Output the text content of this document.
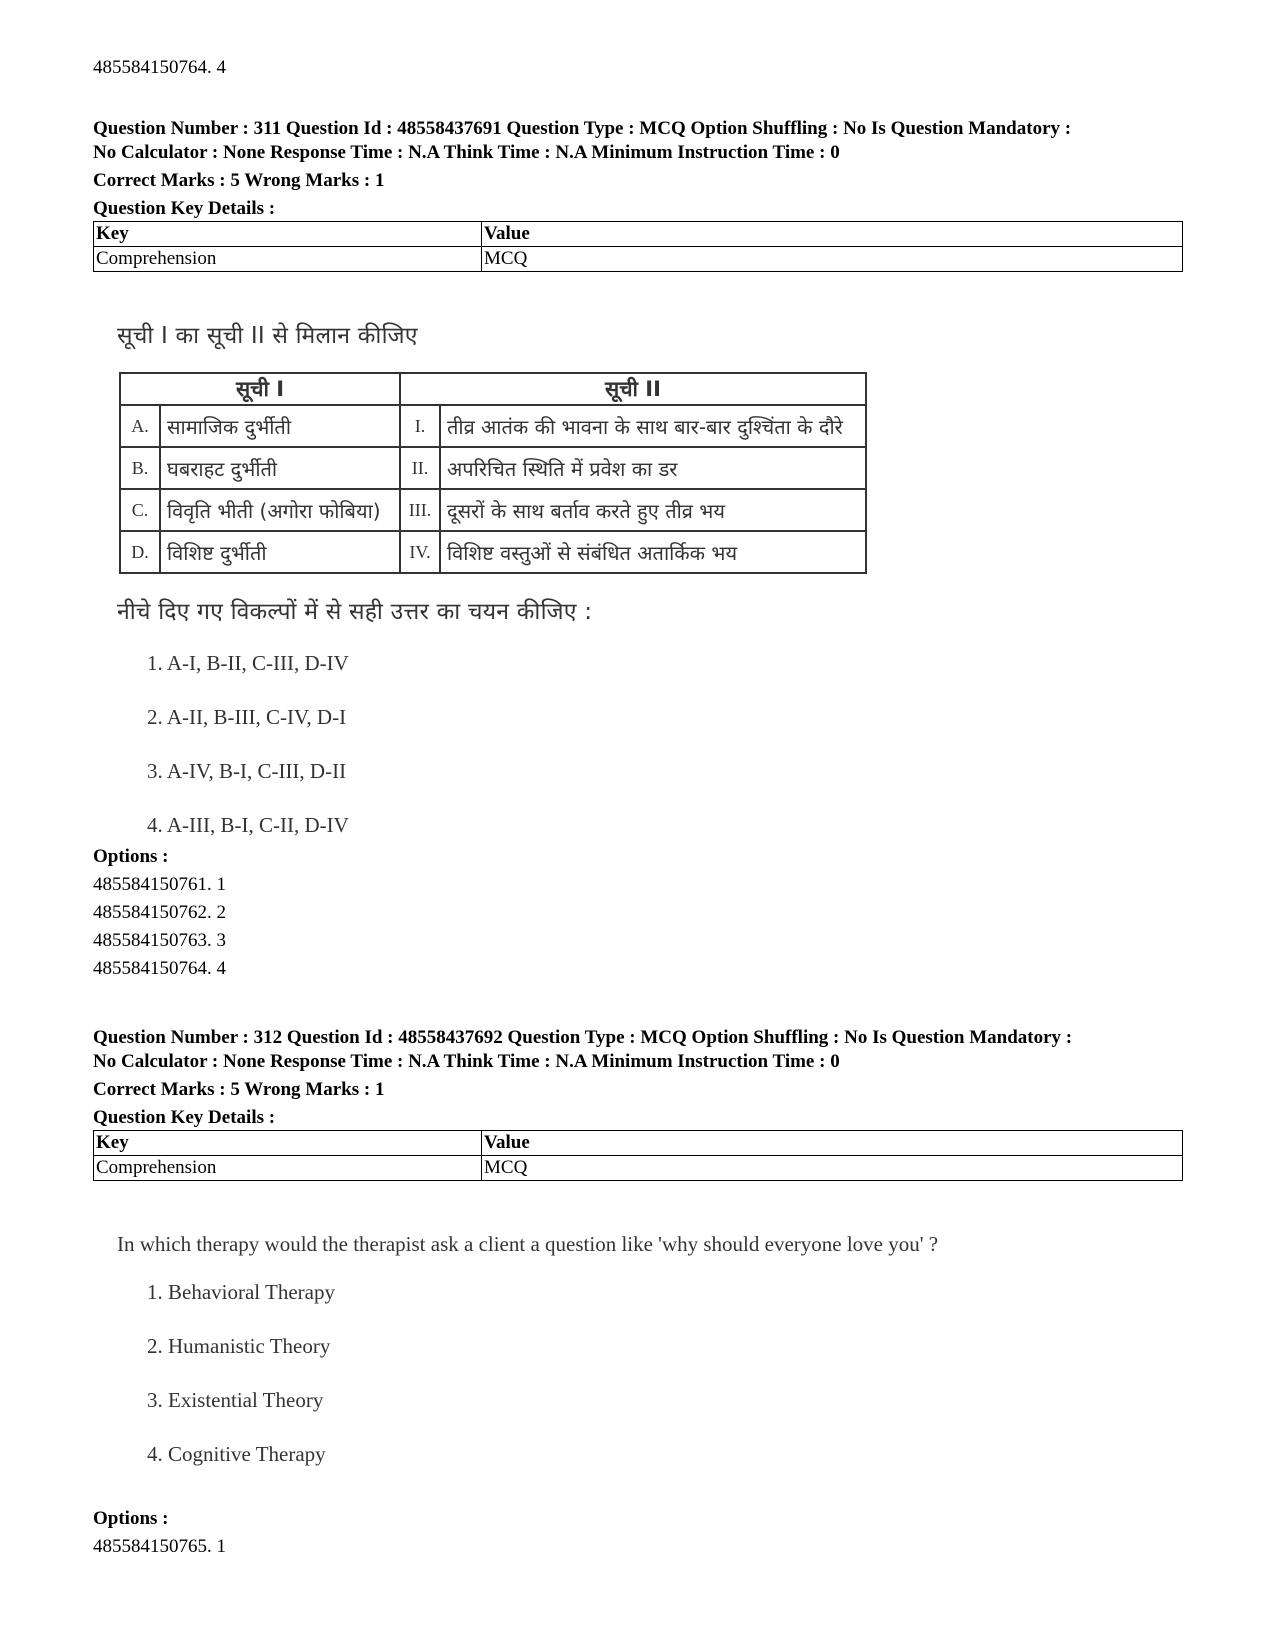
485584150764. 4
Question Number : 311 Question Id : 48558437691 Question Type : MCQ Option Shuffling : No Is Question Mandatory :
No Calculator : None Response Time : N.A Think Time : N.A Minimum Instruction Time : 0
Correct Marks : 5 Wrong Marks : 1
Question Key Details :
Key	Value
Comprehension	MCQ
सूची I का सूची II से मिलान कीजिए
सूची I		सूची II	
A.	सामाजिक दुर्भीती	I.	तीव्र आतंक की भावना के साथ बार-बार दुश्चिंता के दौरे
B.	घबराहट दुर्भीती	II.	अपरिचित स्थिति में प्रवेश का डर
C.	विवृति भीती (अगोरा फोबिया)	III.	दूसरों के साथ बर्ताव करते हुए तीव्र भय
D.	विशिष्ट दुर्भीती	IV.	विशिष्ट वस्तुओं से संबंधित अतार्किक भय
नीचे दिए गए विकल्पों में से सही उत्तर का चयन कीजिए :
1. A-I, B-II, C-III, D-IV
2. A-II, B-III, C-IV, D-I
3. A-IV, B-I, C-III, D-II
4. A-III, B-I, C-II, D-IV
Options :
485584150761. 1
485584150762. 2
485584150763. 3
485584150764. 4
Question Number : 312 Question Id : 48558437692 Question Type : MCQ Option Shuffling : No Is Question Mandatory :
No Calculator : None Response Time : N.A Think Time : N.A Minimum Instruction Time : 0
Correct Marks : 5 Wrong Marks : 1
Question Key Details :
Key	Value
Comprehension	MCQ
In which therapy would the therapist ask a client a question like 'why should everyone love you' ?
1. Behavioral Therapy
2. Humanistic Theory
3. Existential Theory
4. Cognitive Therapy
Options :
485584150765. 1
